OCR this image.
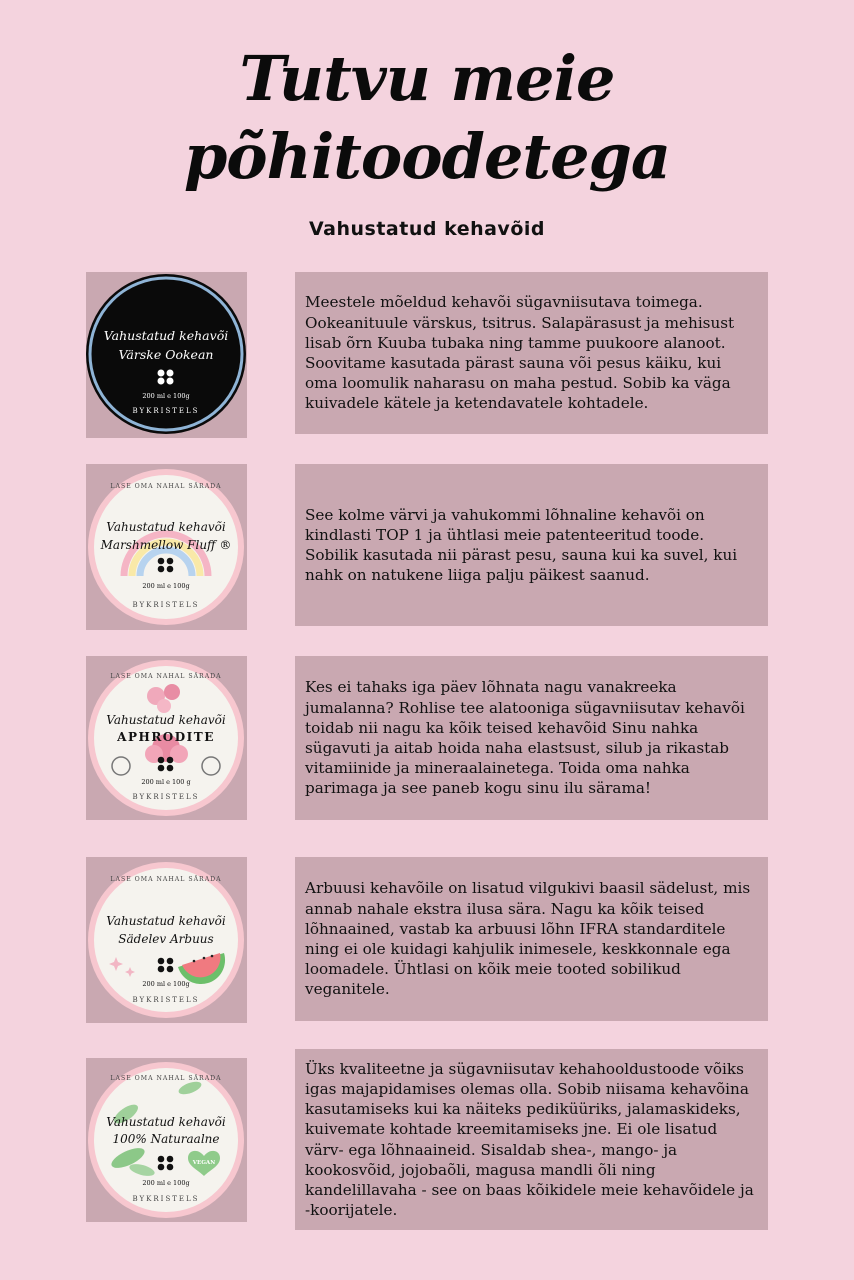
Tutvu meie
põhitoodetega
Vahustatud kehavõid
Vahustatud kehavõi
Värske Ookean
200 ml e 100g
BYKRISTELS

Meestele mõeldud kehavõi sügavniisutava toimega. Ookeanituule värskus, tsitrus. Salapärasust ja mehisust lisab õrn Kuuba tubaka ning tamme puukoore alanoot. Soovitame kasutada pärast sauna või pesus käiku, kui oma loomulik naharasu on maha pestud. Sobib ka väga kuivadele kätele ja ketendavatele kohtadele.

LASE OMA NAHAL SÄRADA
Vahustatud kehavõi
Marshmellow Fluff ®
200 ml e 100g
BYKRISTELS

See kolme värvi ja vahukommi lõhnaline kehavõi on kindlasti TOP 1 ja ühtlasi meie patenteeritud toode. Sobilik kasutada nii pärast pesu, sauna kui ka suvel, kui nahk on natukene liiga palju päikest saanud.

LASE OMA NAHAL SÄRADA
Vahustatud kehavõi
APHRODITE
200 ml e 100 g
BYKRISTELS

Kes ei tahaks iga päev lõhnata nagu vanakreeka jumalanna? Rohlise tee alatooniga sügavniisutav kehavõi toidab nii nagu ka kõik teised kehavõid Sinu nahka sügavuti ja aitab hoida naha elastsust, silub ja rikastab vitamiinide ja mineraalainetega. Toida oma nahka parimaga ja see paneb kogu sinu ilu särama!

LASE OMA NAHAL SÄRADA
Vahustatud kehavõi
Sädelev Arbuus
200 ml e 100g
BYKRISTELS

Arbuusi kehavõile on lisatud vilgukivi baasil sädelust, mis annab nahale ekstra ilusa sära. Nagu ka kõik teised lõhnaained, vastab ka arbuusi lõhn IFRA standarditele ning ei ole kuidagi kahjulik inimesele, keskkonnale ega loomadele. Ühtlasi on kõik meie tooted sobilikud veganitele.

LASE OMA NAHAL SÄRADA
VEGAN
Vahustatud kehavõi
100% Naturaalne
200 ml e 100g
BYKRISTELS

Üks kvaliteetne ja sügavniisutav kehahooldustoode võiks igas majapidamises olemas olla. Sobib niisama kehavõina kasutamiseks kui ka näiteks pediküüriks, jalamaskideks, kuivemate kohtade kreemitamiseks jne. Ei ole lisatud värv- ega lõhnaaineid. Sisaldab shea-, mango- ja kookosvõid, jojobaõli, magusa mandli õli ning kandelillavaha - see on baas kõikidele meie kehavõidele ja -koorijatele.
